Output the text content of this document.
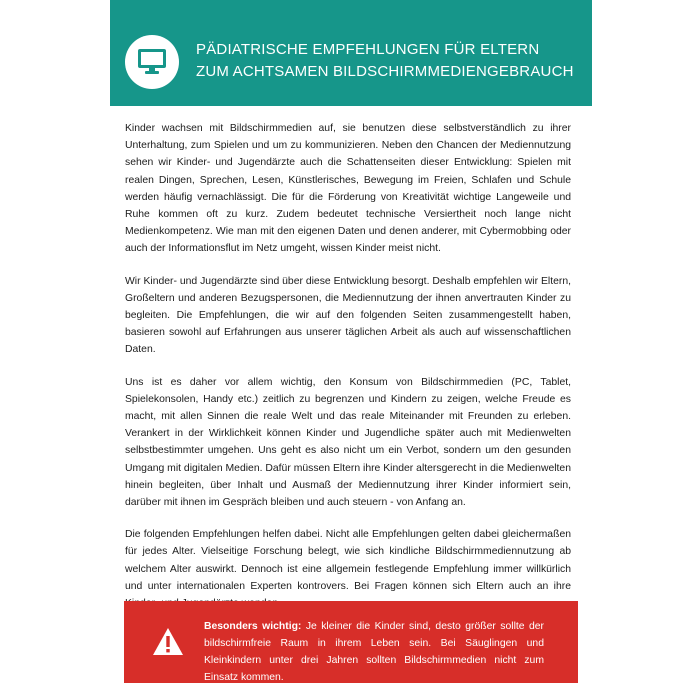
PÄDIATRISCHE EMPFEHLUNGEN FÜR ELTERN
ZUM ACHTSAMEN BILDSCHIRMMEDIENGEBRAUCH

Kinder wachsen mit Bildschirmmedien auf, sie benutzen diese selbstverständlich zu ihrer Unterhaltung, zum Spielen und um zu kommunizieren. Neben den Chancen der Mediennutzung sehen wir Kinder- und Jugendärzte auch die Schattenseiten dieser Entwicklung: Spielen mit realen Dingen, Sprechen, Lesen, Künstlerisches, Bewegung im Freien, Schlafen und Schule werden häufig vernachlässigt. Die für die Förderung von Kreativität wichtige Langeweile und Ruhe kommen oft zu kurz. Zudem bedeutet technische Versiertheit noch lange nicht Medienkompetenz. Wie man mit den eigenen Daten und denen anderer, mit Cybermobbing oder auch der Informationsflut im Netz umgeht, wissen Kinder meist nicht.

Wir Kinder- und Jugendärzte sind über diese Entwicklung besorgt. Deshalb empfehlen wir Eltern, Großeltern und anderen Bezugspersonen, die Mediennutzung der ihnen anvertrauten Kinder zu begleiten. Die Empfehlungen, die wir auf den folgenden Seiten zusammengestellt haben, basieren sowohl auf Erfahrungen aus unserer täglichen Arbeit als auch auf wissenschaftlichen Daten.

Uns ist es daher vor allem wichtig, den Konsum von Bildschirmmedien (PC, Tablet, Spielekonsolen, Handy etc.) zeitlich zu begrenzen und Kindern zu zeigen, welche Freude es macht, mit allen Sinnen die reale Welt und das reale Miteinander mit Freunden zu erleben. Verankert in der Wirklichkeit können Kinder und Jugendliche später auch mit Medienwelten selbstbestimmter umgehen. Uns geht es also nicht um ein Verbot, sondern um den gesunden Umgang mit digitalen Medien. Dafür müssen Eltern ihre Kinder altersgerecht in die Medienwelten hinein begleiten, über Inhalt und Ausmaß der Mediennutzung ihrer Kinder informiert sein, darüber mit ihnen im Gespräch bleiben und auch steuern - von Anfang an.

Die folgenden Empfehlungen helfen dabei. Nicht alle Empfehlungen gelten dabei gleichermaßen für jedes Alter. Vielseitige Forschung belegt, wie sich kindliche Bildschirmmediennutzung ab welchem Alter auswirkt. Dennoch ist eine allgemein festlegende Empfehlung immer willkürlich und unter internationalen Experten kontrovers. Bei Fragen können sich Eltern auch an ihre

Besonders wichtig: Je kleiner die Kinder sind, desto größer sollte der bildschirmfreie Raum in ihrem Leben sein. Bei Säuglingen und Kleinkindern unter drei Jahren sollten Bildschirmmedien nicht zum Einsatz kommen.
